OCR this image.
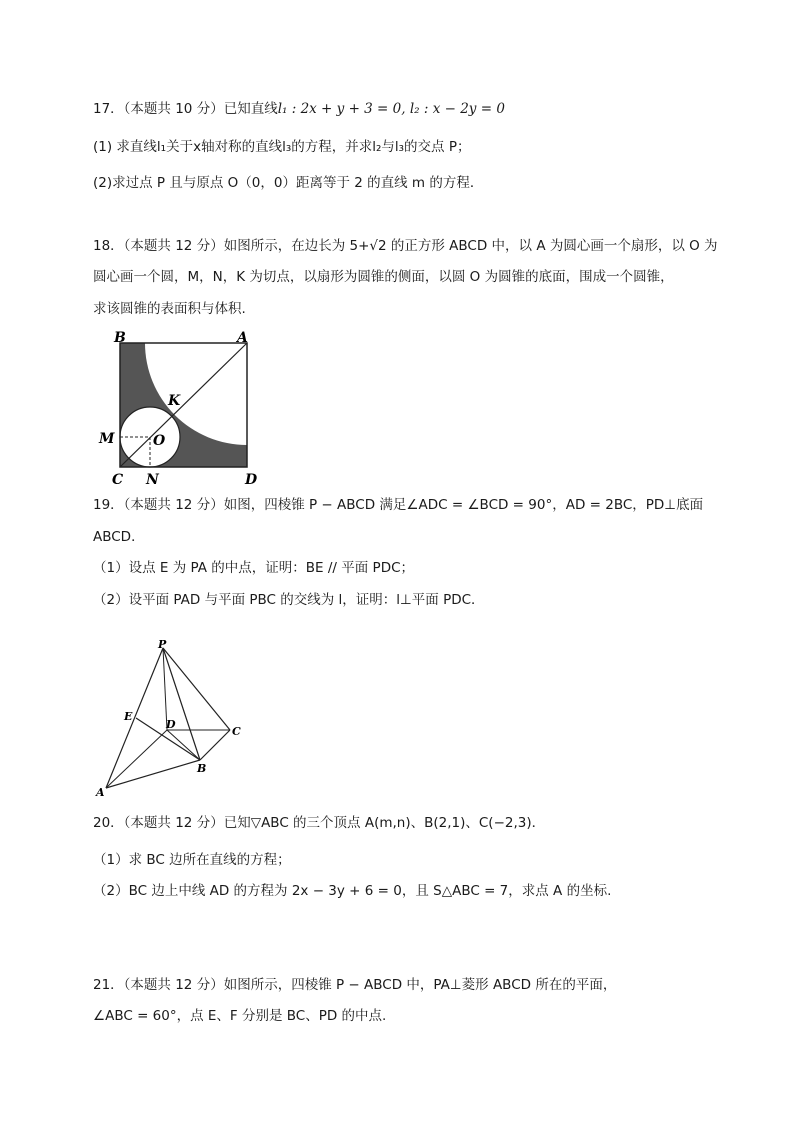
17．（本题共 10 分）已知直线l₁ : 2x + y + 3 = 0, l₂ : x − 2y = 0
(1) 求直线l₁关于x轴对称的直线l₃的方程，并求l₂与l₃的交点 P；
(2)求过点 P 且与原点 O（0，0）距离等于 2 的直线 m 的方程．
18．（本题共 12 分）如图所示，在边长为 5+√2 的正方形 ABCD 中，以 A 为圆心画一个扇形，以 O 为
圆心画一个圆，M，N，K 为切点，以扇形为圆锥的侧面，以圆 O 为圆锥的底面，围成一个圆锥，
求该圆锥的表面积与体积.
B	A
K
M	O
C N	D
19．（本题共 12 分）如图，四棱锥 P − ABCD 满足∠ADC = ∠BCD = 90°，AD = 2BC，PD⊥底面
ABCD．
（1）设点 E 为 PA 的中点，证明：BE // 平面 PDC；
（2）设平面 PAD 与平面 PBC 的交线为 l，证明：l⊥平面 PDC．
P
E
D
C
B
A
20．（本题共 12 分）已知▽ABC 的三个顶点 A(m,n)、B(2,1)、C(−2,3)．
（1）求 BC 边所在直线的方程；
（2）BC 边上中线 AD 的方程为 2x − 3y + 6 = 0，且 S△ABC = 7，求点 A 的坐标.
21．（本题共 12 分）如图所示，四棱锥 P − ABCD 中，PA⊥菱形 ABCD 所在的平面，
∠ABC = 60°，点 E、F 分别是 BC、PD 的中点.
